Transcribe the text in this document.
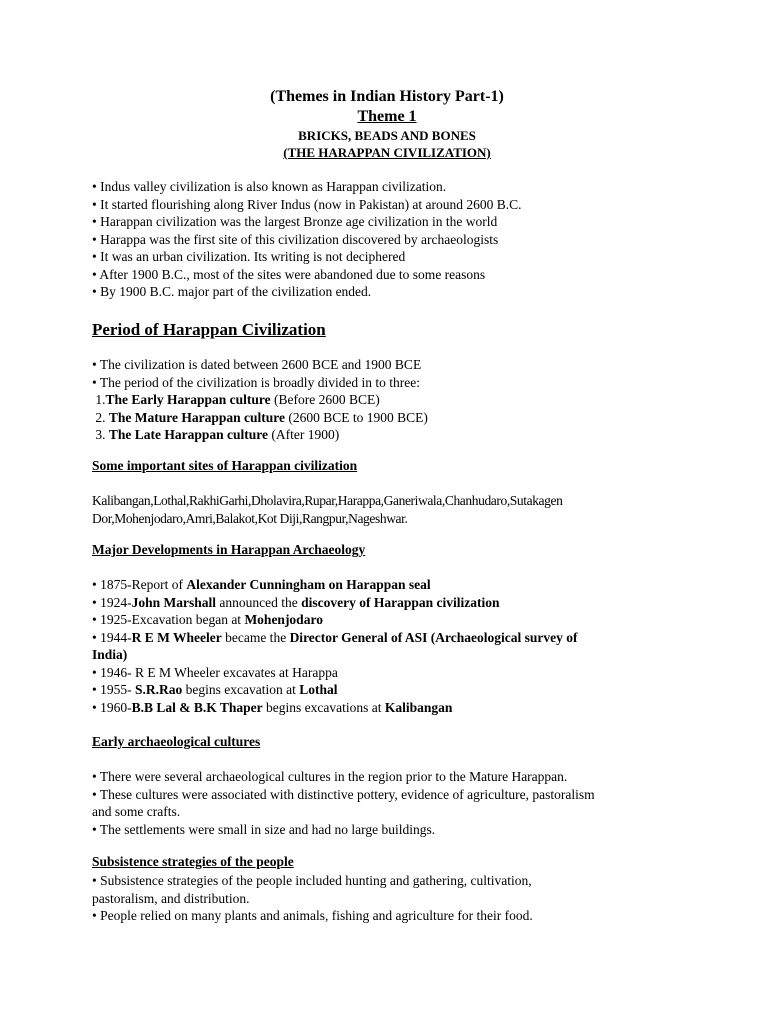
(Themes in Indian History Part-1)
Theme 1
BRICKS, BEADS AND BONES
(THE HARAPPAN CIVILIZATION)
• Indus valley civilization is also known as Harappan civilization.
• It started flourishing along River Indus (now in Pakistan) at around 2600 B.C.
• Harappan civilization was the largest Bronze age civilization in the world
• Harappa was the first site of this civilization discovered by archaeologists
• It was an urban civilization. Its writing is not deciphered
• After 1900 B.C., most of the sites were abandoned due to some reasons
• By 1900 B.C. major part of the civilization ended.
Period of Harappan Civilization
• The civilization is dated between 2600 BCE and 1900 BCE
• The period of the civilization is broadly divided in to three:
1.The Early Harappan culture (Before 2600 BCE)
2. The Mature Harappan culture (2600 BCE to 1900 BCE)
3. The Late Harappan culture (After 1900)
Some important sites of Harappan civilization
Kalibangan,Lothal,RakhiGarhi,Dholavira,Rupar,Harappa,Ganeriwala,Chanhudaro,Sutakagen
Dor,Mohenjodaro,Amri,Balakot,Kot Diji,Rangpur,Nageshwar.
Major Developments in Harappan Archaeology
• 1875-Report of Alexander Cunningham on Harappan seal
• 1924-John Marshall announced the discovery of Harappan civilization
• 1925-Excavation began at Mohenjodaro
• 1944-R E M Wheeler became the Director General of ASI (Archaeological survey of
India)
• 1946- R E M Wheeler excavates at Harappa
• 1955- S.R.Rao begins excavation at Lothal
• 1960-B.B Lal & B.K Thaper begins excavations at Kalibangan
Early archaeological cultures
• There were several archaeological cultures in the region prior to the Mature Harappan.
• These cultures were associated with distinctive pottery, evidence of agriculture, pastoralism
and some crafts.
• The settlements were small in size and had no large buildings.
Subsistence strategies of the people
• Subsistence strategies of the people included hunting and gathering, cultivation,
pastoralism, and distribution.
• People relied on many plants and animals, fishing and agriculture for their food.
